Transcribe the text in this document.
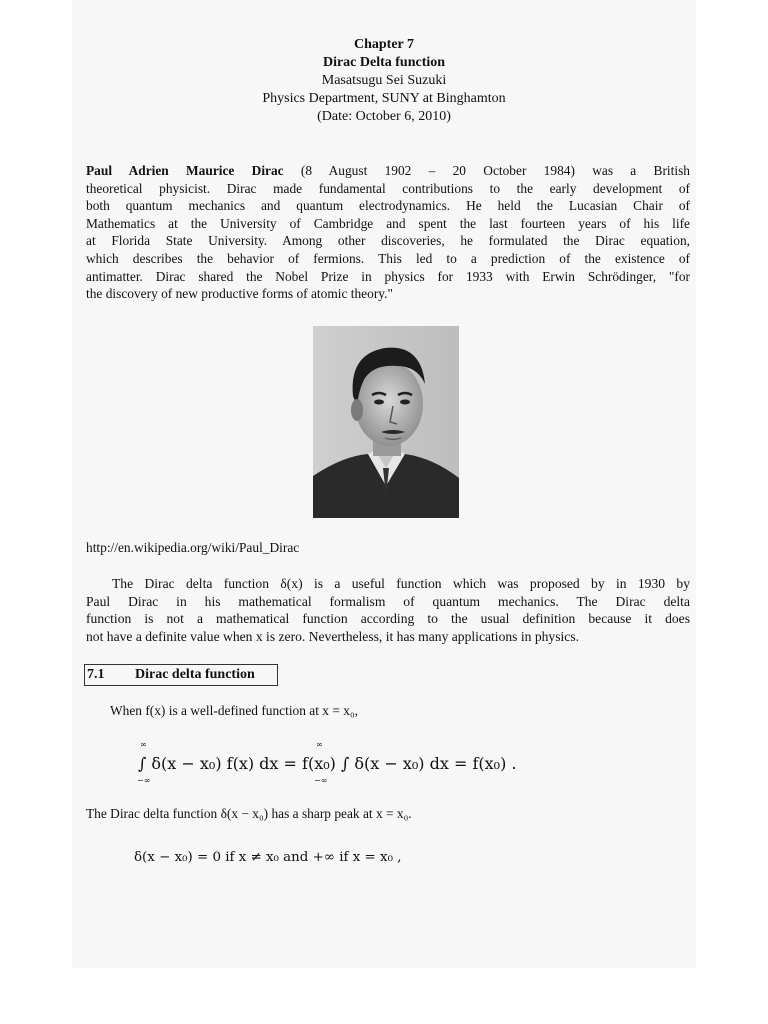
Chapter 7
Dirac Delta function
Masatsugu Sei Suzuki
Physics Department, SUNY at Binghamton
(Date: October 6, 2010)
Paul Adrien Maurice Dirac (8 August 1902 – 20 October 1984) was a British
theoretical physicist. Dirac made fundamental contributions to the early development of
both quantum mechanics and quantum electrodynamics. He held the Lucasian Chair of
Mathematics at the University of Cambridge and spent the last fourteen years of his life
at Florida State University. Among other discoveries, he formulated the Dirac equation,
which describes the behavior of fermions. This led to a prediction of the existence of
antimatter. Dirac shared the Nobel Prize in physics for 1933 with Erwin Schrödinger, "for
the discovery of new productive forms of atomic theory."
http://en.wikipedia.org/wiki/Paul_Dirac
The Dirac delta function δ(x) is a useful function which was proposed by in 1930 by
Paul Dirac in his mathematical formalism of quantum mechanics. The Dirac delta
function is not a mathematical function according to the usual definition because it does
not have a definite value when x is zero. Nevertheless, it has many applications in physics.
7.1 Dirac delta function
When f(x) is a well-defined function at x = x₀,
∞	∞
∫ δ(x − x₀) f(x) dx = f(x₀) ∫ δ(x − x₀) dx = f(x₀) .
−∞	−∞
The Dirac delta function δ(x − x₀) has a sharp peak at x = x₀.
δ(x − x₀) = 0 if x ≠ x₀ and +∞ if x = x₀ ,
